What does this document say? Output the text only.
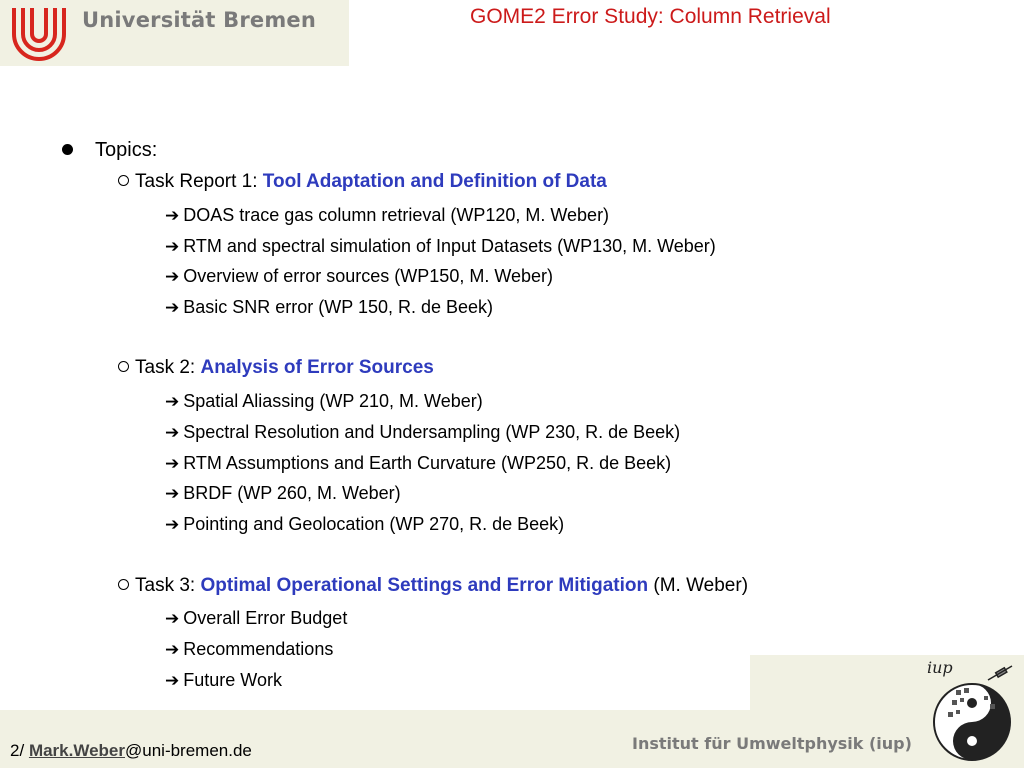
Universität Bremen	GOME2 Error Study: Column Retrieval
Topics:
Task Report 1: Tool Adaptation and Definition of Data
➔ DOAS trace gas column retrieval (WP120, M. Weber)
➔ RTM and spectral simulation of Input Datasets (WP130, M. Weber)
➔ Overview of error sources (WP150, M. Weber)
➔ Basic SNR error (WP 150, R. de Beek)
Task 2: Analysis of Error Sources
➔ Spatial Aliassing (WP 210, M. Weber)
➔ Spectral Resolution and Undersampling (WP 230, R. de Beek)
➔ RTM Assumptions and Earth Curvature (WP250, R. de Beek)
➔ BRDF (WP 260, M. Weber)
➔ Pointing and Geolocation (WP 270, R. de Beek)
Task 3: Optimal Operational Settings and Error Mitigation (M. Weber)
➔ Overall Error Budget
➔ Recommendations
➔ Future Work
2/ Mark.Weber@uni-bremen.de	Institut für Umweltphysik (iup)
iup
